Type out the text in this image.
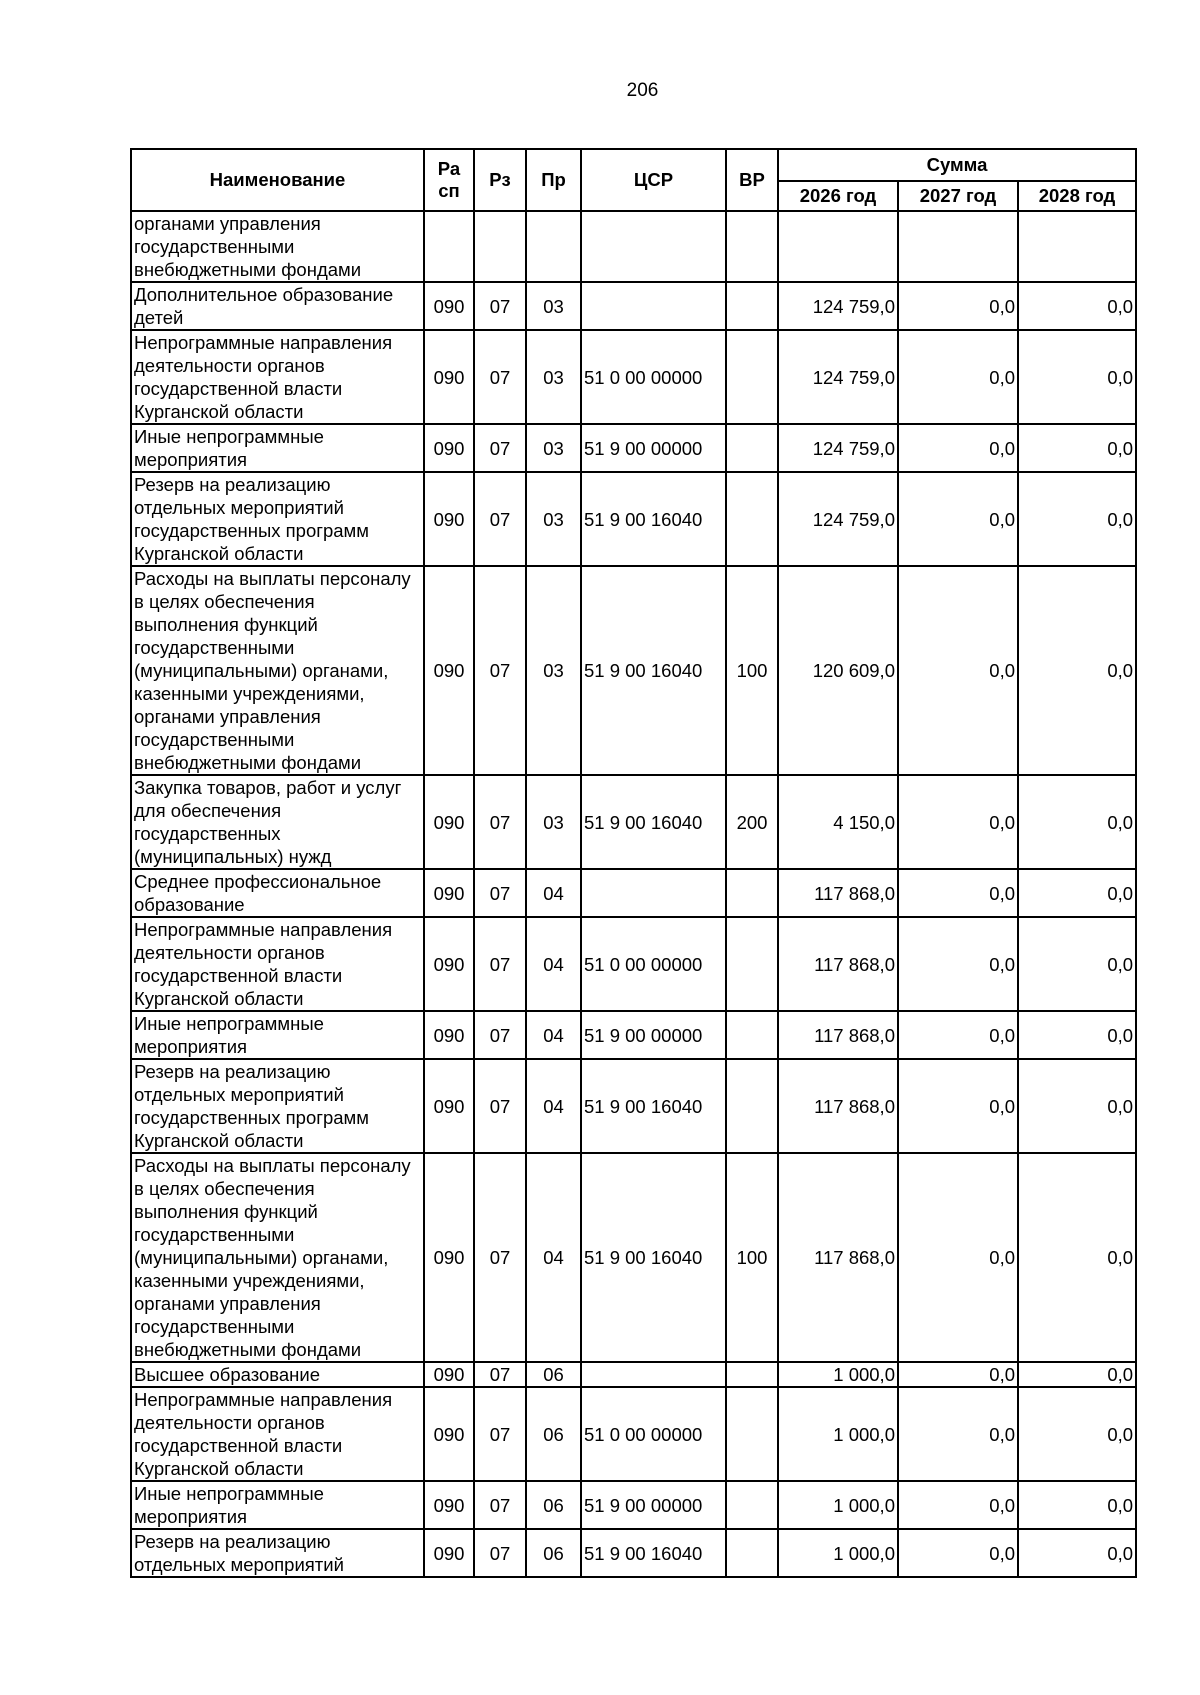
206
Наименование	Ра сп	Рз	Пр	ЦСР	ВР	Сумма		
						2026 год	2027 год	2028 год
органами управления государственными внебюджетными фондами								
Дополнительное образование детей	090	07	03			124 759,0	0,0	0,0
Непрограммные направления деятельности органов государственной власти Курганской области	090	07	03	51 0 00 00000		124 759,0	0,0	0,0
Иные непрограммные мероприятия	090	07	03	51 9 00 00000		124 759,0	0,0	0,0
Резерв на реализацию отдельных мероприятий государственных программ Курганской области	090	07	03	51 9 00 16040		124 759,0	0,0	0,0
Расходы на выплаты персоналу в целях обеспечения выполнения функций государственными (муниципальными) органами, казенными учреждениями, органами управления государственными внебюджетными фондами	090	07	03	51 9 00 16040	100	120 609,0	0,0	0,0
Закупка товаров, работ и услуг для обеспечения государственных (муниципальных) нужд	090	07	03	51 9 00 16040	200	4 150,0	0,0	0,0
Среднее профессиональное образование	090	07	04			117 868,0	0,0	0,0
Непрограммные направления деятельности органов государственной власти Курганской области	090	07	04	51 0 00 00000		117 868,0	0,0	0,0
Иные непрограммные мероприятия	090	07	04	51 9 00 00000		117 868,0	0,0	0,0
Резерв на реализацию отдельных мероприятий государственных программ Курганской области	090	07	04	51 9 00 16040		117 868,0	0,0	0,0
Расходы на выплаты персоналу в целях обеспечения выполнения функций государственными (муниципальными) органами, казенными учреждениями, органами управления государственными внебюджетными фондами	090	07	04	51 9 00 16040	100	117 868,0	0,0	0,0
Высшее образование	090	07	06			1 000,0	0,0	0,0
Непрограммные направления деятельности органов государственной власти Курганской области	090	07	06	51 0 00 00000		1 000,0	0,0	0,0
Иные непрограммные мероприятия	090	07	06	51 9 00 00000		1 000,0	0,0	0,0
Резерв на реализацию отдельных мероприятий	090	07	06	51 9 00 16040		1 000,0	0,0	0,0
